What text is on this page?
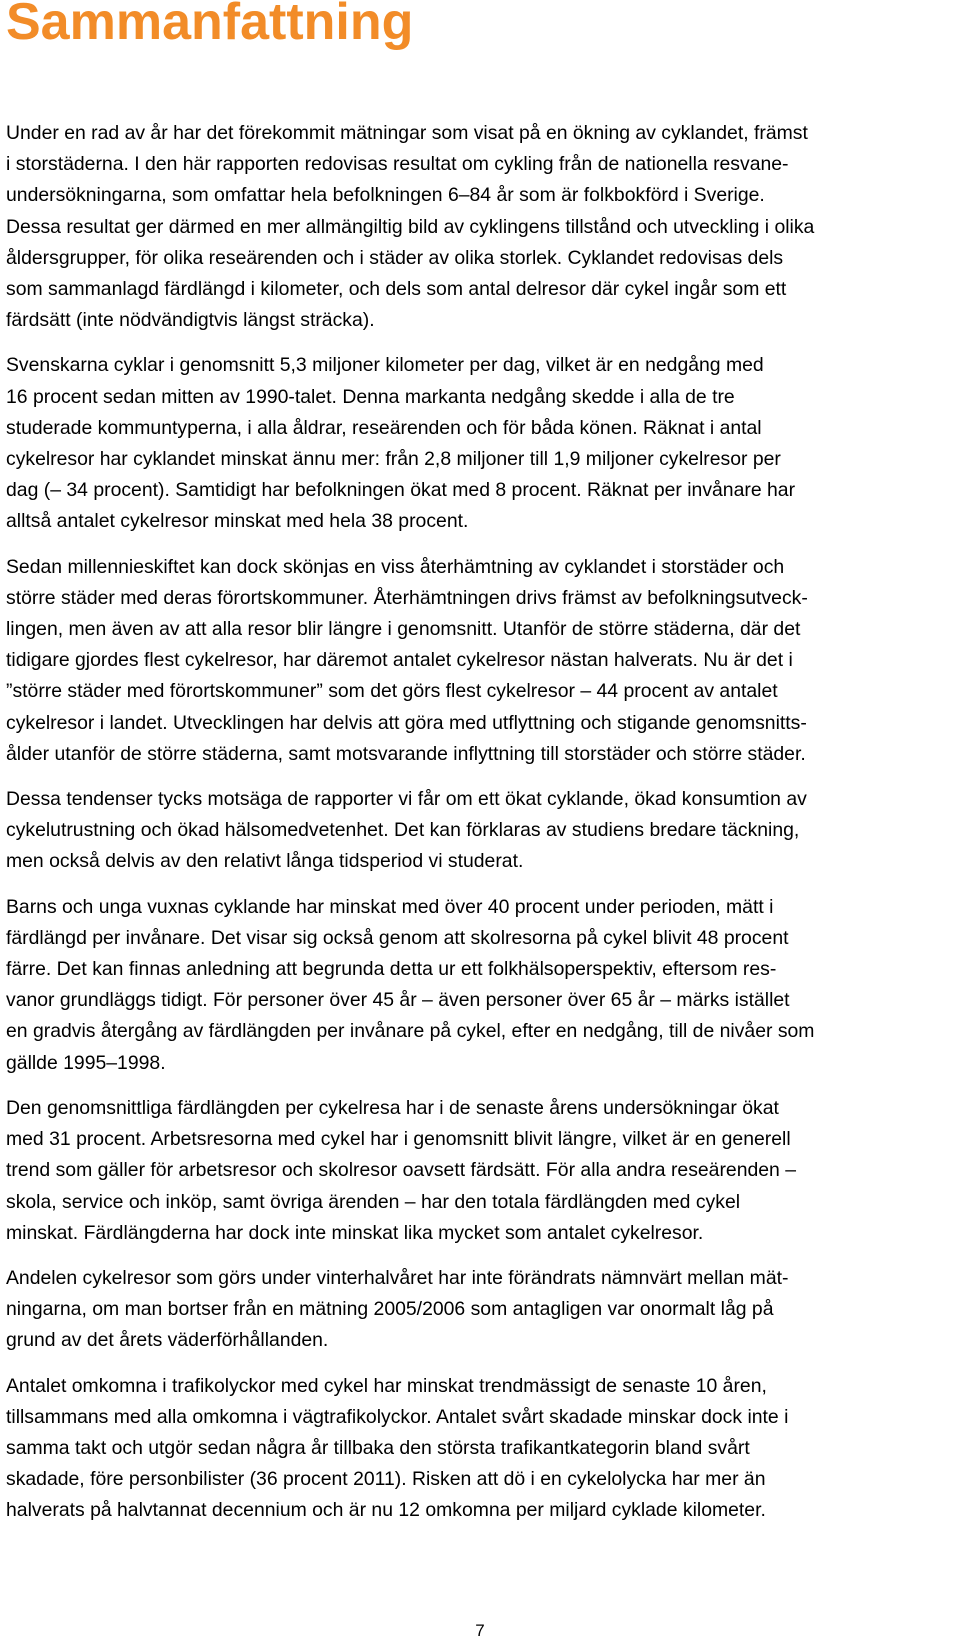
Sammanfattning

Under en rad av år har det förekommit mätningar som visat på en ökning av cyklandet, främst
i storstäderna. I den här rapporten redovisas resultat om cykling från de nationella resvane-
undersökningarna, som omfattar hela befolkningen 6–84 år som är folkbokförd i Sverige.
Dessa resultat ger därmed en mer allmängiltig bild av cyklingens tillstånd och utveckling i olika
åldersgrupper, för olika reseärenden och i städer av olika storlek. Cyklandet redovisas dels
som sammanlagd färdlängd i kilometer, och dels som antal delresor där cykel ingår som ett
färdsätt (inte nödvändigtvis längst sträcka).

Svenskarna cyklar i genomsnitt 5,3 miljoner kilometer per dag, vilket är en nedgång med
16 procent sedan mitten av 1990-talet. Denna markanta nedgång skedde i alla de tre
studerade kommuntyperna, i alla åldrar, reseärenden och för båda könen. Räknat i antal
cykelresor har cyklandet minskat ännu mer: från 2,8 miljoner till 1,9 miljoner cykelresor per
dag (– 34 procent). Samtidigt har befolkningen ökat med 8 procent. Räknat per invånare har
alltså antalet cykelresor minskat med hela 38 procent.

Sedan millennieskiftet kan dock skönjas en viss återhämtning av cyklandet i storstäder och
större städer med deras förortskommuner. Återhämtningen drivs främst av befolkningsutveck-
lingen, men även av att alla resor blir längre i genomsnitt. Utanför de större städerna, där det
tidigare gjordes flest cykelresor, har däremot antalet cykelresor nästan halverats. Nu är det i
”större städer med förortskommuner” som det görs flest cykelresor – 44 procent av antalet
cykelresor i landet. Utvecklingen har delvis att göra med utflyttning och stigande genomsnitts-
ålder utanför de större städerna, samt motsvarande inflyttning till storstäder och större städer.

Dessa tendenser tycks motsäga de rapporter vi får om ett ökat cyklande, ökad konsumtion av
cykelutrustning och ökad hälsomedvetenhet. Det kan förklaras av studiens bredare täckning,
men också delvis av den relativt långa tidsperiod vi studerat.

Barns och unga vuxnas cyklande har minskat med över 40 procent under perioden, mätt i
färdlängd per invånare. Det visar sig också genom att skolresorna på cykel blivit 48 procent
färre. Det kan finnas anledning att begrunda detta ur ett folkhälsoperspektiv, eftersom res-
vanor grundläggs tidigt. För personer över 45 år – även personer över 65 år – märks istället
en gradvis återgång av färdlängden per invånare på cykel, efter en nedgång, till de nivåer som
gällde 1995–1998.

Den genomsnittliga färdlängden per cykelresa har i de senaste årens undersökningar ökat
med 31 procent. Arbetsresorna med cykel har i genomsnitt blivit längre, vilket är en generell
trend som gäller för arbetsresor och skolresor oavsett färdsätt. För alla andra reseärenden –
skola, service och inköp, samt övriga ärenden – har den totala färdlängden med cykel
minskat. Färdlängderna har dock inte minskat lika mycket som antalet cykelresor.

Andelen cykelresor som görs under vinterhalvåret har inte förändrats nämnvärt mellan mät-
ningarna, om man bortser från en mätning 2005/2006 som antagligen var onormalt låg på
grund av det årets väderförhållanden.

Antalet omkomna i trafikolyckor med cykel har minskat trendmässigt de senaste 10 åren,
tillsammans med alla omkomna i vägtrafikolyckor. Antalet svårt skadade minskar dock inte i
samma takt och utgör sedan några år tillbaka den största trafikantkategorin bland svårt
skadade, före personbilister (36 procent 2011). Risken att dö i en cykelolycka har mer än
halverats på halvtannat decennium och är nu 12 omkomna per miljard cyklade kilometer.

7
